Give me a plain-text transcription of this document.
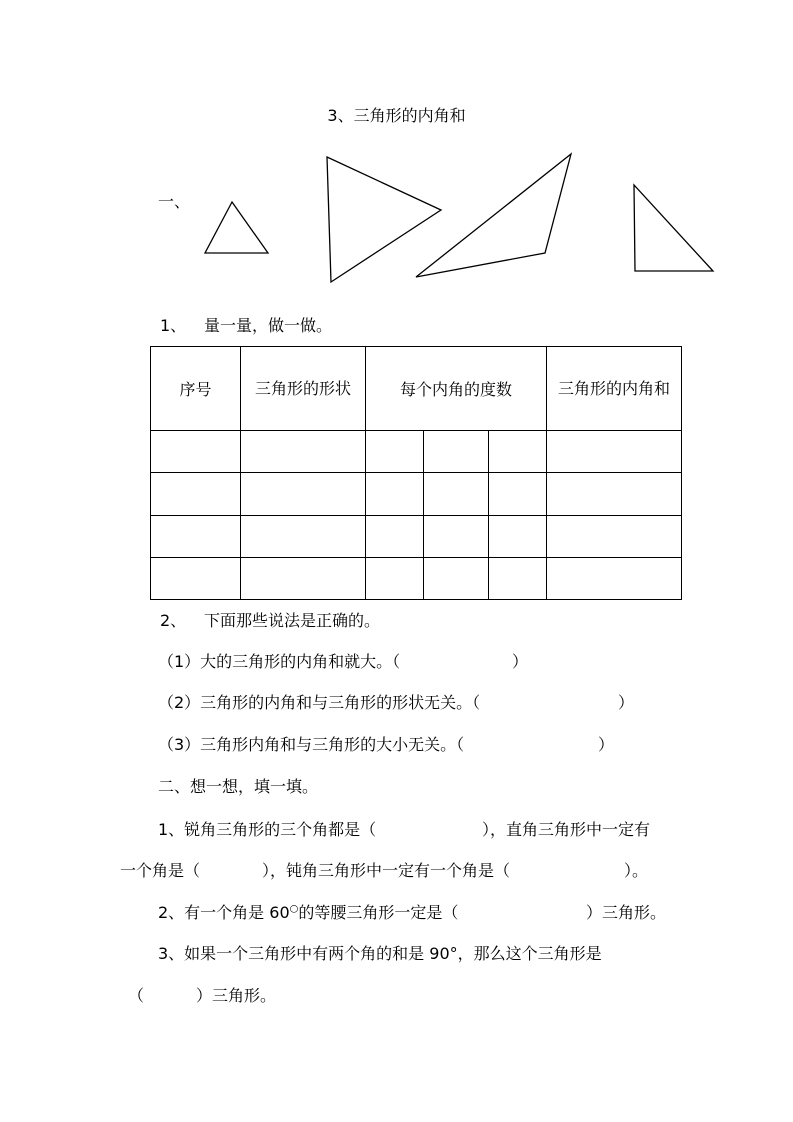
3、三角形的内角和
一、
1、 量一量，做一做。
序号	三角形的形状	每个内角的度数			三角形的内角和

2、 下面那些说法是正确的。
（1）大的三角形的内角和就大。（	）
（2）三角形的内角和与三角形的形状无关。（	）
（3）三角形内角和与三角形的大小无关。（	）
二、想一想，填一填。
1、锐角三角形的三个角都是（	），直角三角形中一定有
一个角是（	），钝角三角形中一定有一个角是（	）。
2、有一个角是 60○的等腰三角形一定是（	）三角形。
3、如果一个三角形中有两个角的和是 90°，那么这个三角形是
（	）三角形。
